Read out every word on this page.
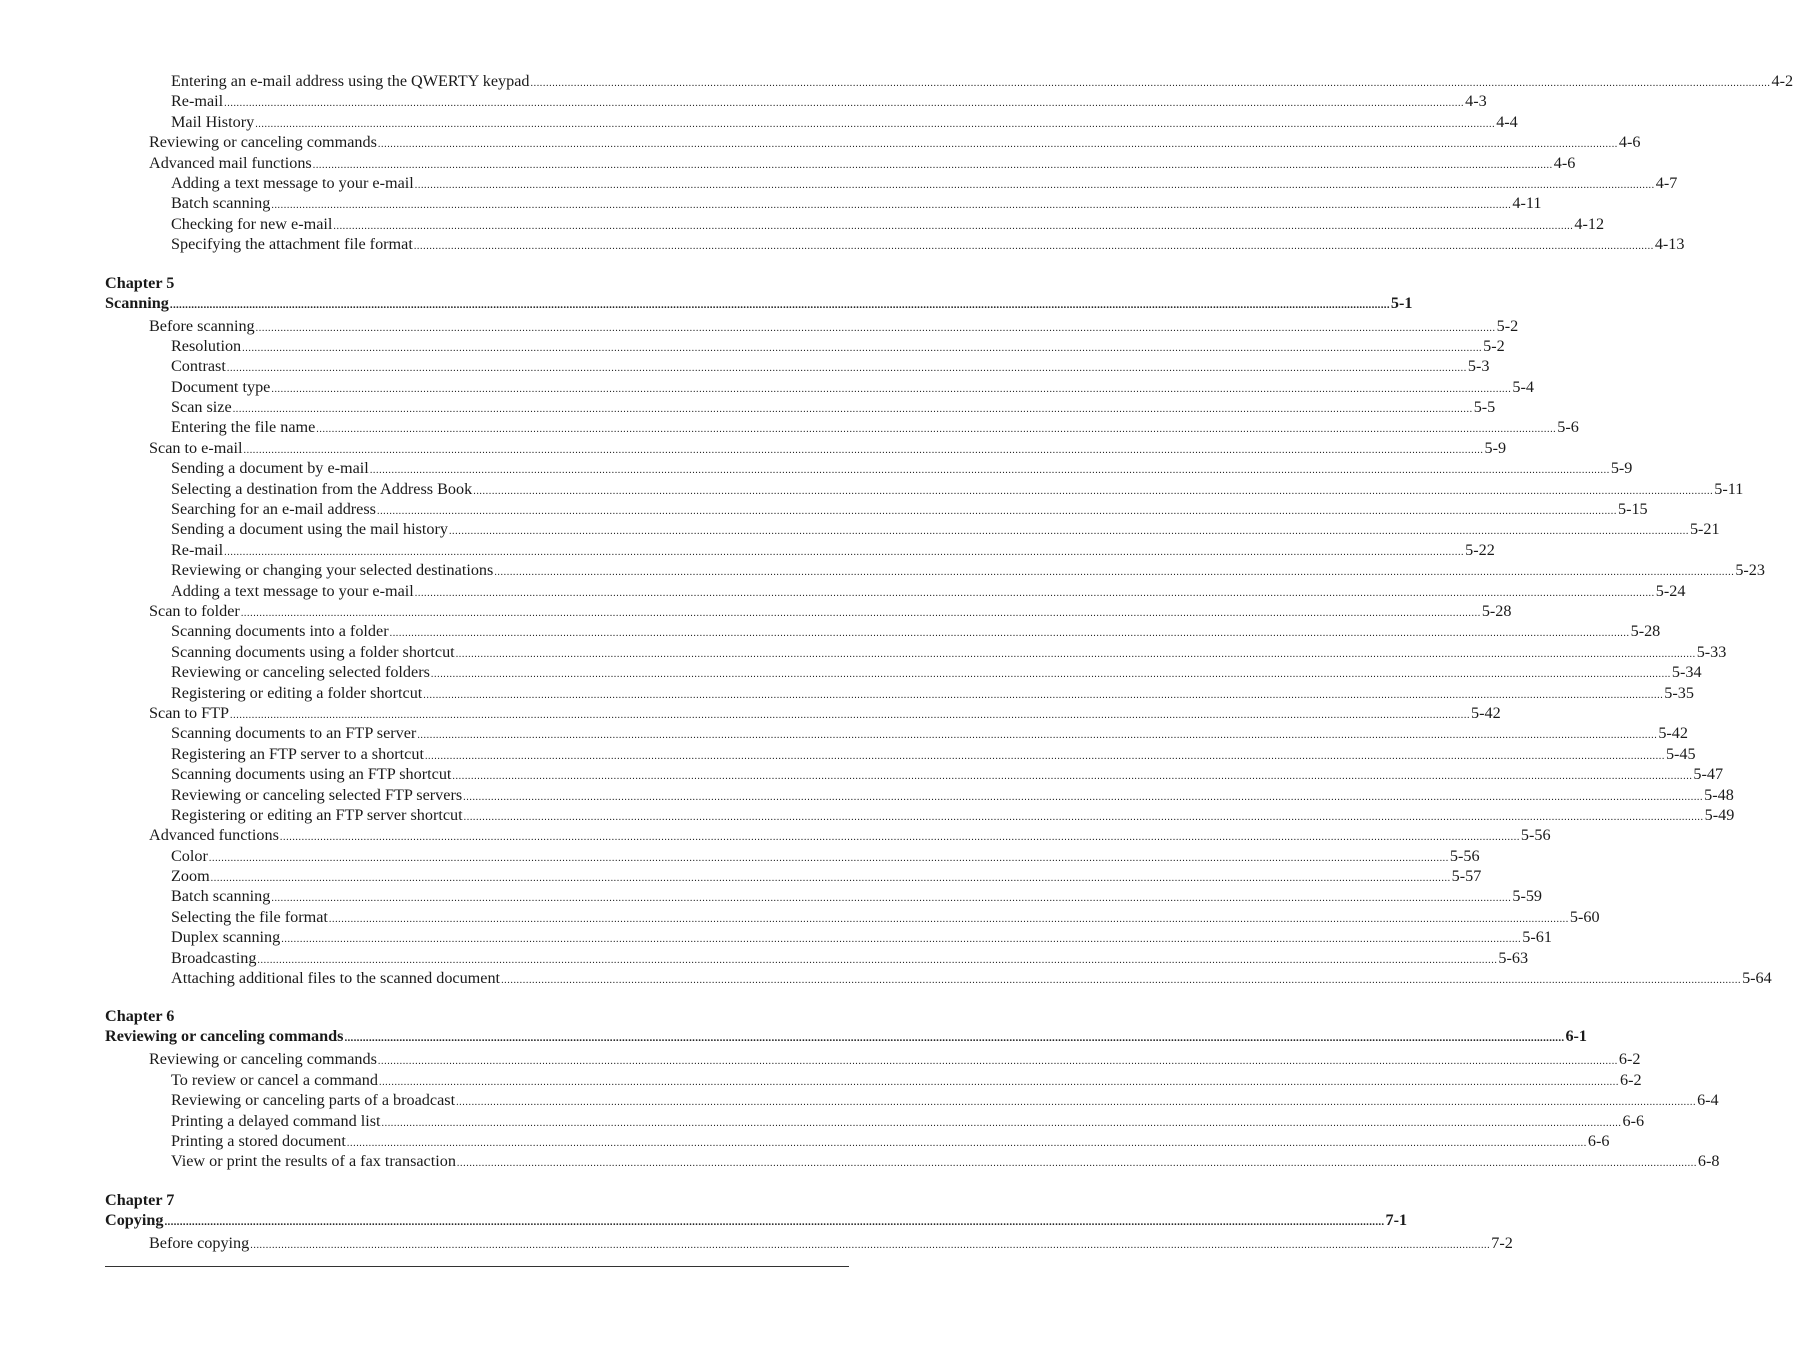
Entering an e-mail address using the QWERTY keypad ................................................................................................................................................................................................................................................................................................................................................................................................................ 4-2
Re-mail ................................................................................................................................................................................................................................................................................................................................................................................................................ 4-3
Mail History ................................................................................................................................................................................................................................................................................................................................................................................................................ 4-4
Reviewing or canceling commands ................................................................................................................................................................................................................................................................................................................................................................................................................ 4-6
Advanced mail functions ................................................................................................................................................................................................................................................................................................................................................................................................................ 4-6
Adding a text message to your e-mail ................................................................................................................................................................................................................................................................................................................................................................................................................ 4-7
Batch scanning ................................................................................................................................................................................................................................................................................................................................................................................................................ 4-11
Checking for new e-mail ................................................................................................................................................................................................................................................................................................................................................................................................................ 4-12
Specifying the attachment file format ................................................................................................................................................................................................................................................................................................................................................................................................................ 4-13
Chapter 5
Scanning ................................................................................................................................................................................................................................................................................................................................................................................................................ 5-1
Before scanning ................................................................................................................................................................................................................................................................................................................................................................................................................ 5-2
Resolution ................................................................................................................................................................................................................................................................................................................................................................................................................ 5-2
Contrast ................................................................................................................................................................................................................................................................................................................................................................................................................ 5-3
Document type ................................................................................................................................................................................................................................................................................................................................................................................................................ 5-4
Scan size ................................................................................................................................................................................................................................................................................................................................................................................................................ 5-5
Entering the file name ................................................................................................................................................................................................................................................................................................................................................................................................................ 5-6
Scan to e-mail ................................................................................................................................................................................................................................................................................................................................................................................................................ 5-9
Sending a document by e-mail ................................................................................................................................................................................................................................................................................................................................................................................................................ 5-9
Selecting a destination from the Address Book ................................................................................................................................................................................................................................................................................................................................................................................................................ 5-11
Searching for an e-mail address ................................................................................................................................................................................................................................................................................................................................................................................................................ 5-15
Sending a document using the mail history ................................................................................................................................................................................................................................................................................................................................................................................................................ 5-21
Re-mail ................................................................................................................................................................................................................................................................................................................................................................................................................ 5-22
Reviewing or changing your selected destinations ................................................................................................................................................................................................................................................................................................................................................................................................................ 5-23
Adding a text message to your e-mail ................................................................................................................................................................................................................................................................................................................................................................................................................ 5-24
Scan to folder ................................................................................................................................................................................................................................................................................................................................................................................................................ 5-28
Scanning documents into a folder ................................................................................................................................................................................................................................................................................................................................................................................................................ 5-28
Scanning documents using a folder shortcut ................................................................................................................................................................................................................................................................................................................................................................................................................ 5-33
Reviewing or canceling selected folders ................................................................................................................................................................................................................................................................................................................................................................................................................ 5-34
Registering or editing a folder shortcut ................................................................................................................................................................................................................................................................................................................................................................................................................ 5-35
Scan to FTP ................................................................................................................................................................................................................................................................................................................................................................................................................ 5-42
Scanning documents to an FTP server ................................................................................................................................................................................................................................................................................................................................................................................................................ 5-42
Registering an FTP server to a shortcut ................................................................................................................................................................................................................................................................................................................................................................................................................ 5-45
Scanning documents using an FTP shortcut ................................................................................................................................................................................................................................................................................................................................................................................................................ 5-47
Reviewing or canceling selected FTP servers ................................................................................................................................................................................................................................................................................................................................................................................................................ 5-48
Registering or editing an FTP server shortcut ................................................................................................................................................................................................................................................................................................................................................................................................................ 5-49
Advanced functions ................................................................................................................................................................................................................................................................................................................................................................................................................ 5-56
Color ................................................................................................................................................................................................................................................................................................................................................................................................................ 5-56
Zoom ................................................................................................................................................................................................................................................................................................................................................................................................................ 5-57
Batch scanning ................................................................................................................................................................................................................................................................................................................................................................................................................ 5-59
Selecting the file format ................................................................................................................................................................................................................................................................................................................................................................................................................ 5-60
Duplex scanning ................................................................................................................................................................................................................................................................................................................................................................................................................ 5-61
Broadcasting ................................................................................................................................................................................................................................................................................................................................................................................................................ 5-63
Attaching additional files to the scanned document ................................................................................................................................................................................................................................................................................................................................................................................................................ 5-64
Chapter 6
Reviewing or canceling commands ................................................................................................................................................................................................................................................................................................................................................................................................................ 6-1
Reviewing or canceling commands ................................................................................................................................................................................................................................................................................................................................................................................................................ 6-2
To review or cancel a command ................................................................................................................................................................................................................................................................................................................................................................................................................ 6-2
Reviewing or canceling parts of a broadcast ................................................................................................................................................................................................................................................................................................................................................................................................................ 6-4
Printing a delayed command list ................................................................................................................................................................................................................................................................................................................................................................................................................ 6-6
Printing a stored document ................................................................................................................................................................................................................................................................................................................................................................................................................ 6-6
View or print the results of a fax transaction ................................................................................................................................................................................................................................................................................................................................................................................................................ 6-8
Chapter 7
Copying ................................................................................................................................................................................................................................................................................................................................................................................................................ 7-1
Before copying ................................................................................................................................................................................................................................................................................................................................................................................................................ 7-2
